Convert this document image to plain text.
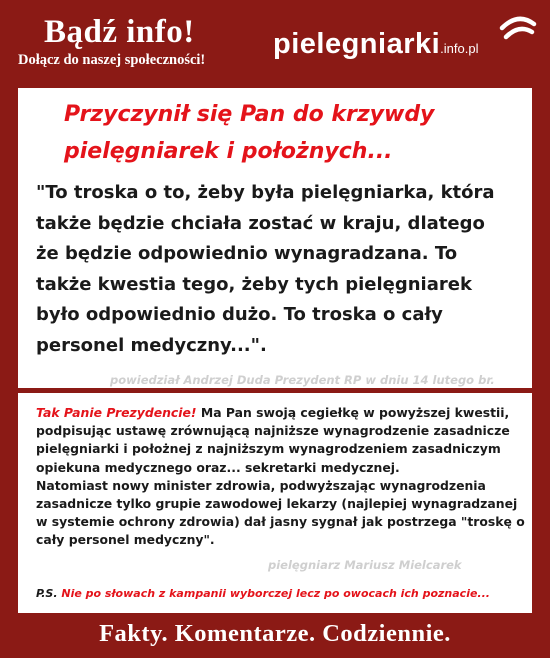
Bądź info!
Dołącz do naszej społeczności! pielegniarki.info.pl
Przyczynił się Pan do krzywdy
pielęgniarek i położnych...
"To troska o to, żeby była pielęgniarka, która
także będzie chciała zostać w kraju, dlatego
że będzie odpowiednio wynagradzana. To
także kwestia tego, żeby tych pielęgniarek
było odpowiednio dużo. To troska o cały
personel medyczny...".
powiedział Andrzej Duda Prezydent RP w dniu 14 lutego br.
Tak Panie Prezydencie! Ma Pan swoją cegiełkę w powyższej kwestii,
podpisując ustawę zrównującą najniższe wynagrodzenie zasadnicze
pielęgniarki i położnej z najniższym wynagrodzeniem zasadniczym
opiekuna medycznego oraz... sekretarki medycznej.
Natomiast nowy minister zdrowia, podwyższając wynagrodzenia
zasadnicze tylko grupie zawodowej lekarzy (najlepiej wynagradzanej
w systemie ochrony zdrowia) dał jasny sygnał jak postrzega "troskę o
cały personel medyczny".
pielęgniarz Mariusz Mielcarek
P.S. Nie po słowach z kampanii wyborczej lecz po owocach ich poznacie...
Fakty. Komentarze. Codziennie.
